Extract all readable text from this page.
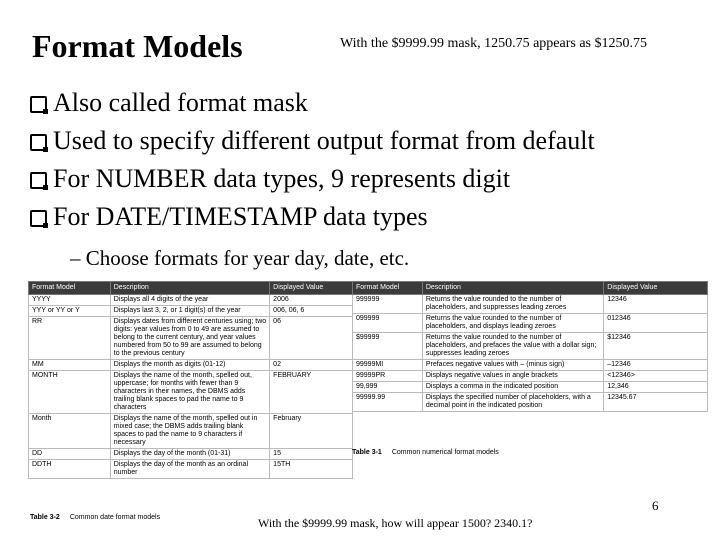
Format Models	With the $9999.99 mask, 1250.75 appears as $1250.75
Also called format mask
Used to specify different output format from default
For NUMBER data types, 9 represents digit
For DATE/TIMESTAMP data types
– Choose formats for year day, date, etc.
Format Model	Description	Displayed Value
YYYY	Displays all 4 digits of the year	2006
YYY or YY or Y	Displays last 3, 2, or 1 digit(s) of the year	006, 06, 6
RR	Displays dates from different centuries using; two digits: year values from 0 to 49 are assumed to belong to the current century, and year values numbered from 50 to 99 are assumed to belong to the previous century	06
MM	Displays the month as digits (01-12)	02
MONTH	Displays the name of the month, spelled out, uppercase; for months with fewer than 9 characters in their names, the DBMS adds trailing blank spaces to pad the name to 9 characters	FEBRUARY
Month	Displays the name of the month, spelled out in mixed case; the DBMS adds trailing blank spaces to pad the name to 9 characters if necessary	February
DD	Displays the day of the month (01-31)	15
DDTH	Displays the day of the month as an ordinal number	15TH
Table 3-2 Common date format models
Format Model	Description	Displayed Value
999999	Returns the value rounded to the number of placeholders, and suppresses leading zeroes	12346
099999	Returns the value rounded to the number of placeholders, and displays leading zeroes	012346
$99999	Returns the value rounded to the number of placeholders, and prefaces the value with a dollar sign; suppresses leading zeroes	$12346
99999MI	Prefaces negative values with – (minus sign)	–12346
99999PR	Displays negative values in angle brackets	<12346>
99,999	Displays a comma in the indicated position	12,346
99999.99	Displays the specified number of placeholders, with a decimal point in the indicated position	12345.67
Table 3-1 Common numerical format models
6
With the $9999.99 mask, how will appear 1500? 2340.1?
